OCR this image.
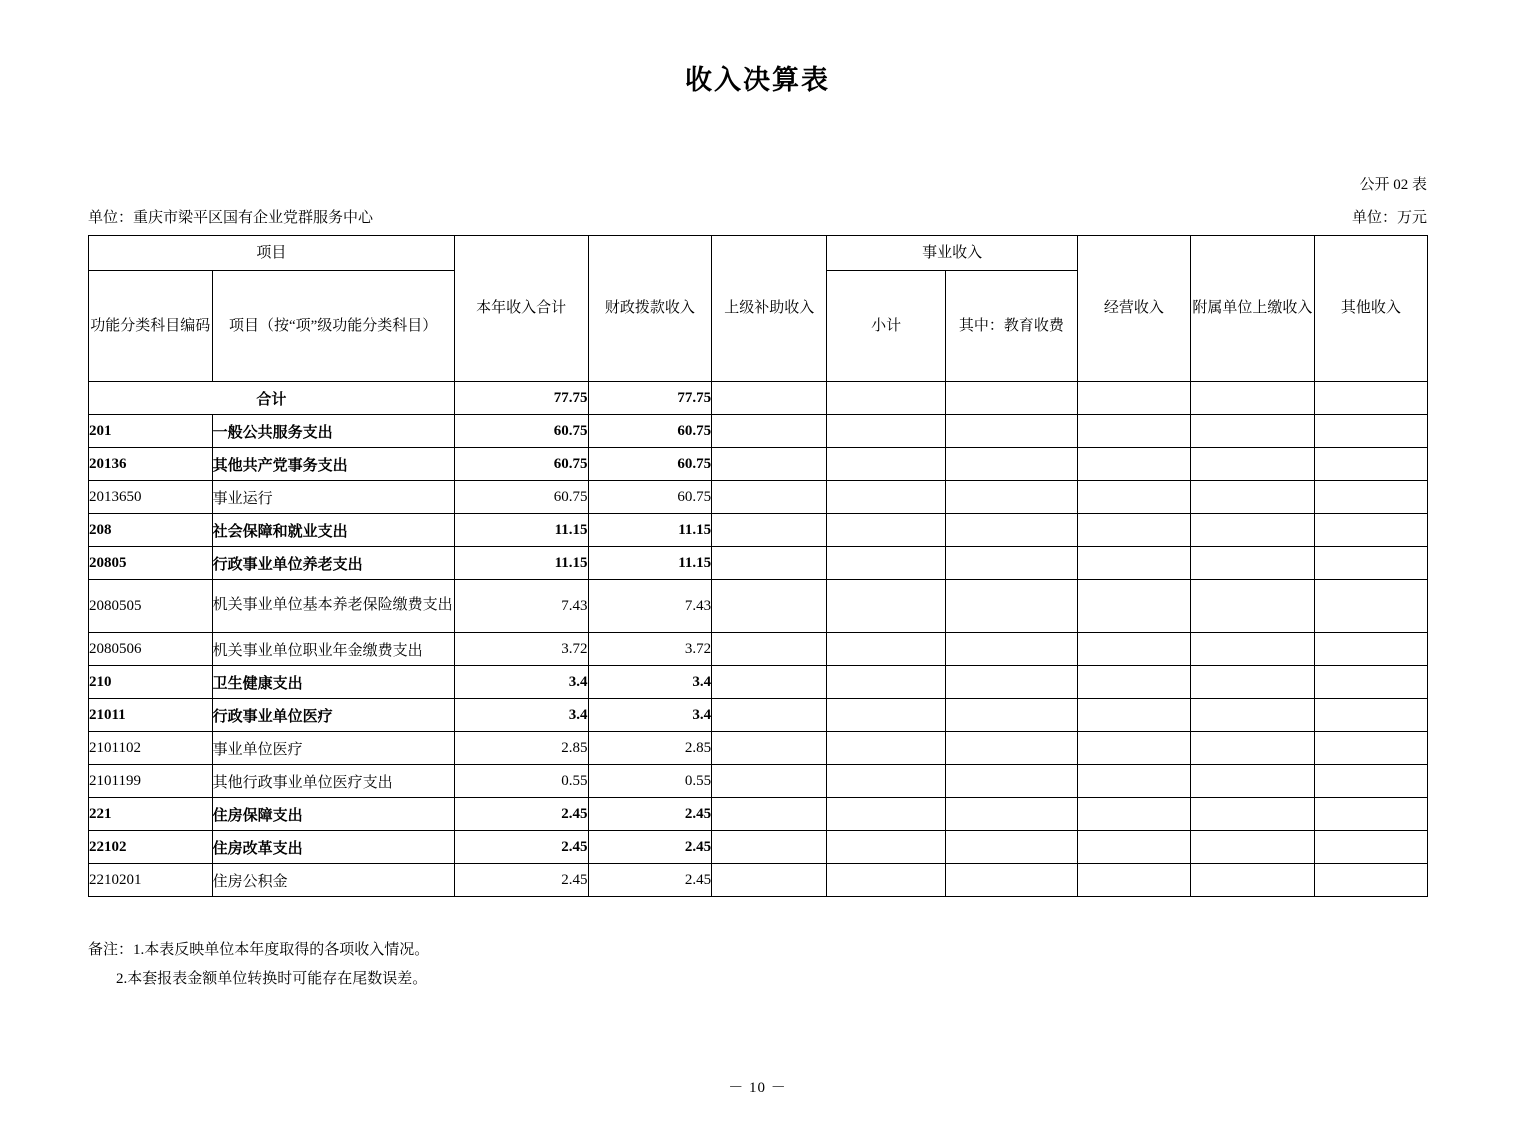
收入决算表
公开 02 表
单位：重庆市梁平区国有企业党群服务中心	单位：万元
项目		本年收入合计	财政拨款收入	上级补助收入	事业收入		经营收入	附属单位上缴收入	其他收入
功能分类科目编码	项目（按“项”级功能分类科目）				小计	其中：教育收费			
合计		77.75	77.75						
201	一般公共服务支出	60.75	60.75						
20136	其他共产党事务支出	60.75	60.75						
2013650	事业运行	60.75	60.75						
208	社会保障和就业支出	11.15	11.15						
20805	行政事业单位养老支出	11.15	11.15						
2080505	机关事业单位基本养老保险缴费支出	7.43	7.43						
2080506	机关事业单位职业年金缴费支出	3.72	3.72						
210	卫生健康支出	3.4	3.4						
21011	行政事业单位医疗	3.4	3.4						
2101102	事业单位医疗	2.85	2.85						
2101199	其他行政事业单位医疗支出	0.55	0.55						
221	住房保障支出	2.45	2.45						
22102	住房改革支出	2.45	2.45						
2210201	住房公积金	2.45	2.45						
备注：1.本表反映单位本年度取得的各项收入情况。
2.本套报表金额单位转换时可能存在尾数误差。
－ 10 －
